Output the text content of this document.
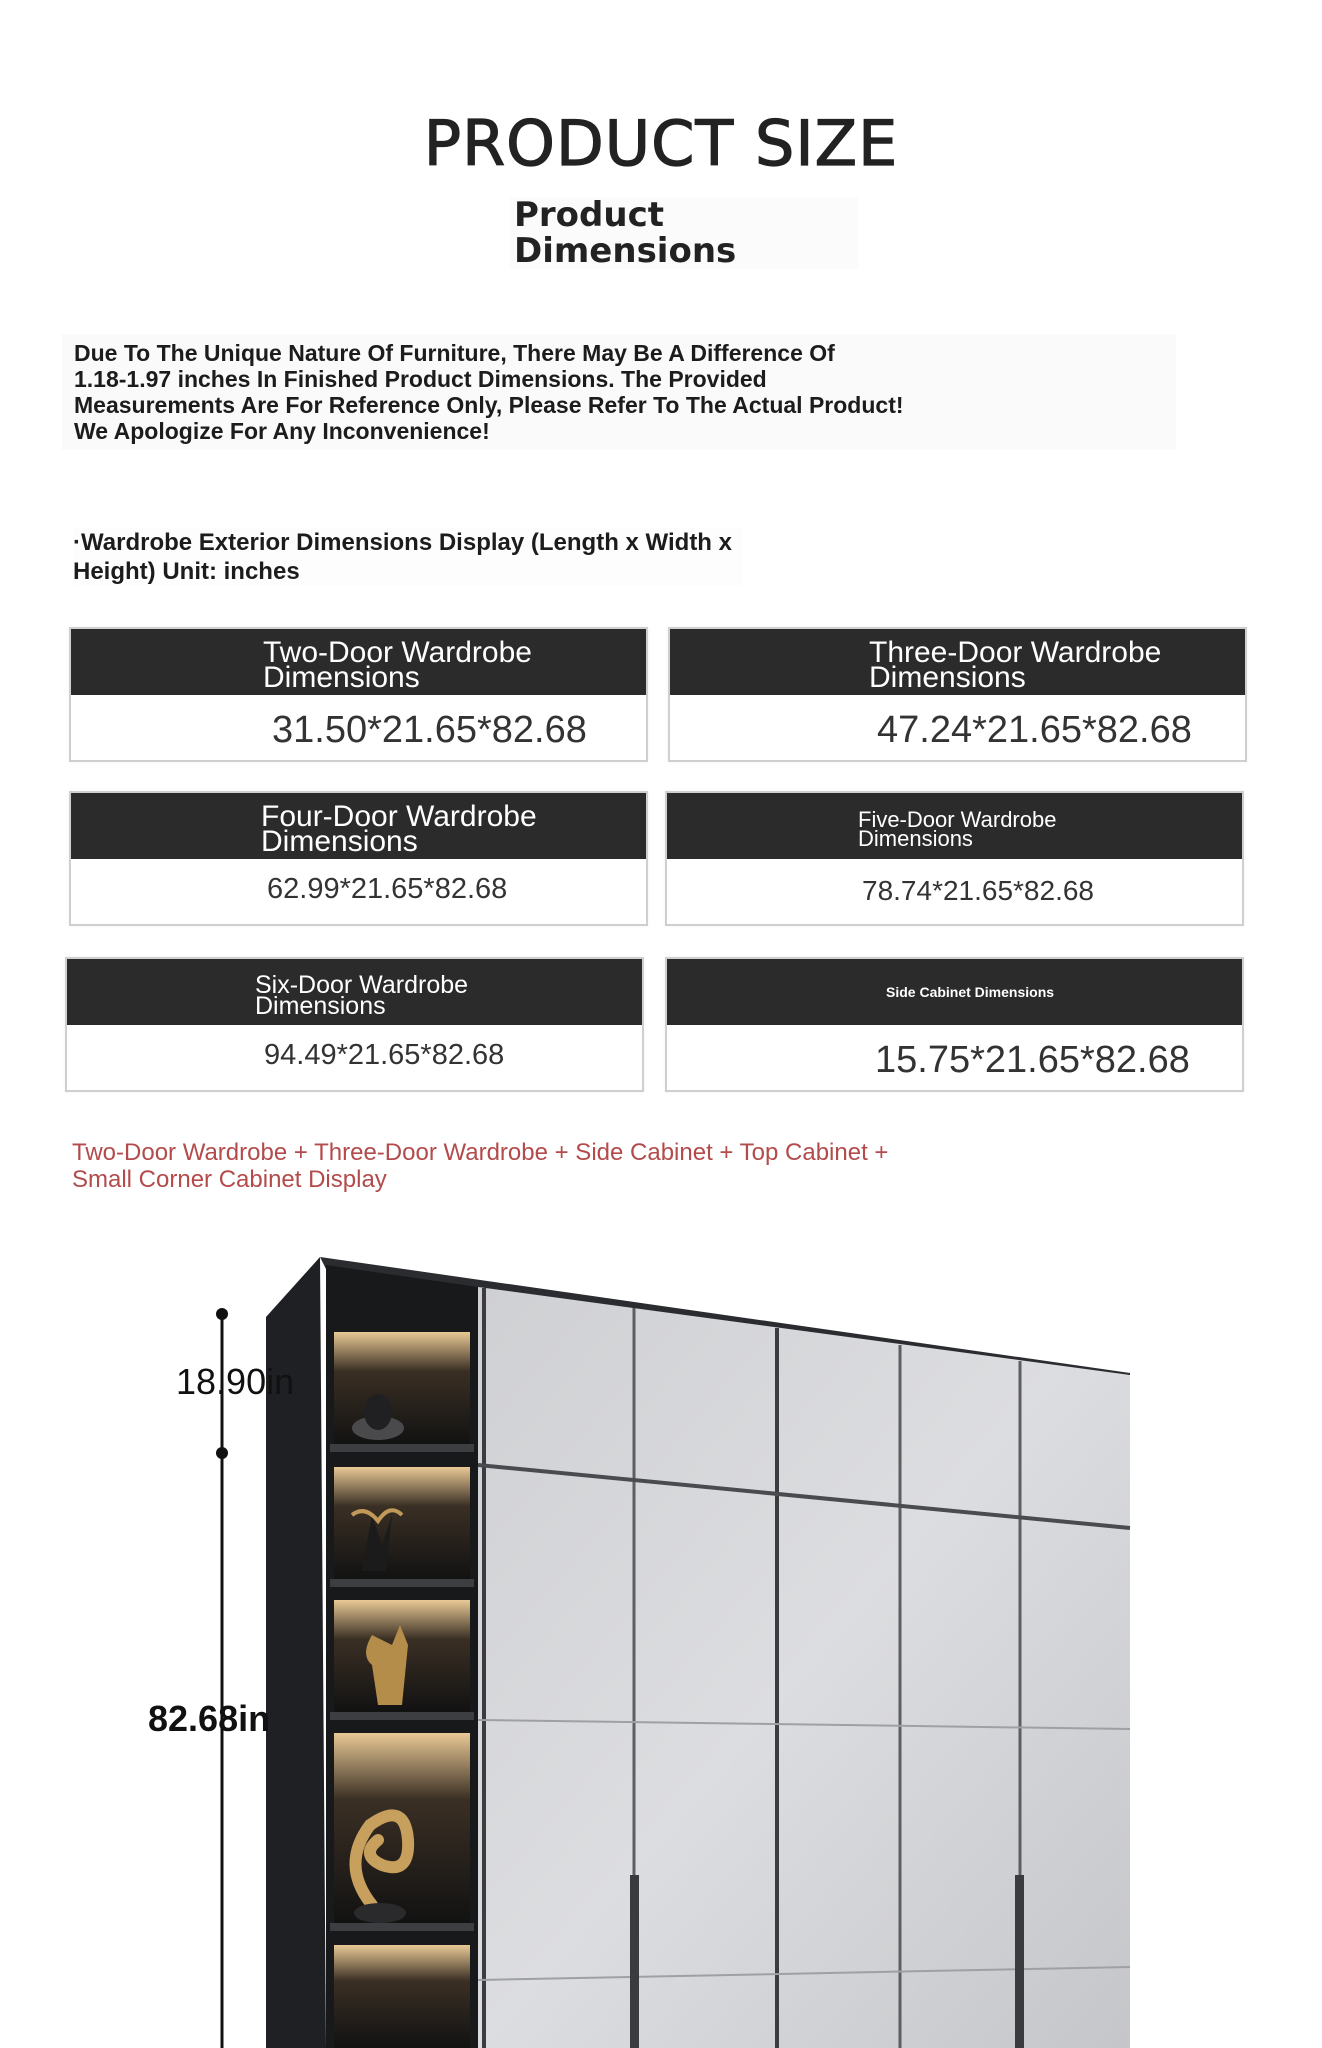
PRODUCT SIZE
Product
Dimensions
Due To The Unique Nature Of Furniture, There May Be A Difference Of
1.18-1.97 inches In Finished Product Dimensions. The Provided
Measurements Are For Reference Only, Please Refer To The Actual Product!
We Apologize For Any Inconvenience!
·Wardrobe Exterior Dimensions Display (Length x Width x
Height) Unit: inches
Two-Door Wardrobe
Dimensions
31.50*21.65*82.68
Three-Door Wardrobe
Dimensions
47.24*21.65*82.68
Four-Door Wardrobe
Dimensions
62.99*21.65*82.68
Five-Door Wardrobe
Dimensions
78.74*21.65*82.68
Six-Door Wardrobe
Dimensions
94.49*21.65*82.68
Side Cabinet Dimensions
15.75*21.65*82.68
Two-Door Wardrobe + Three-Door Wardrobe + Side Cabinet + Top Cabinet +
Small Corner Cabinet Display
18.90in
82.68in
